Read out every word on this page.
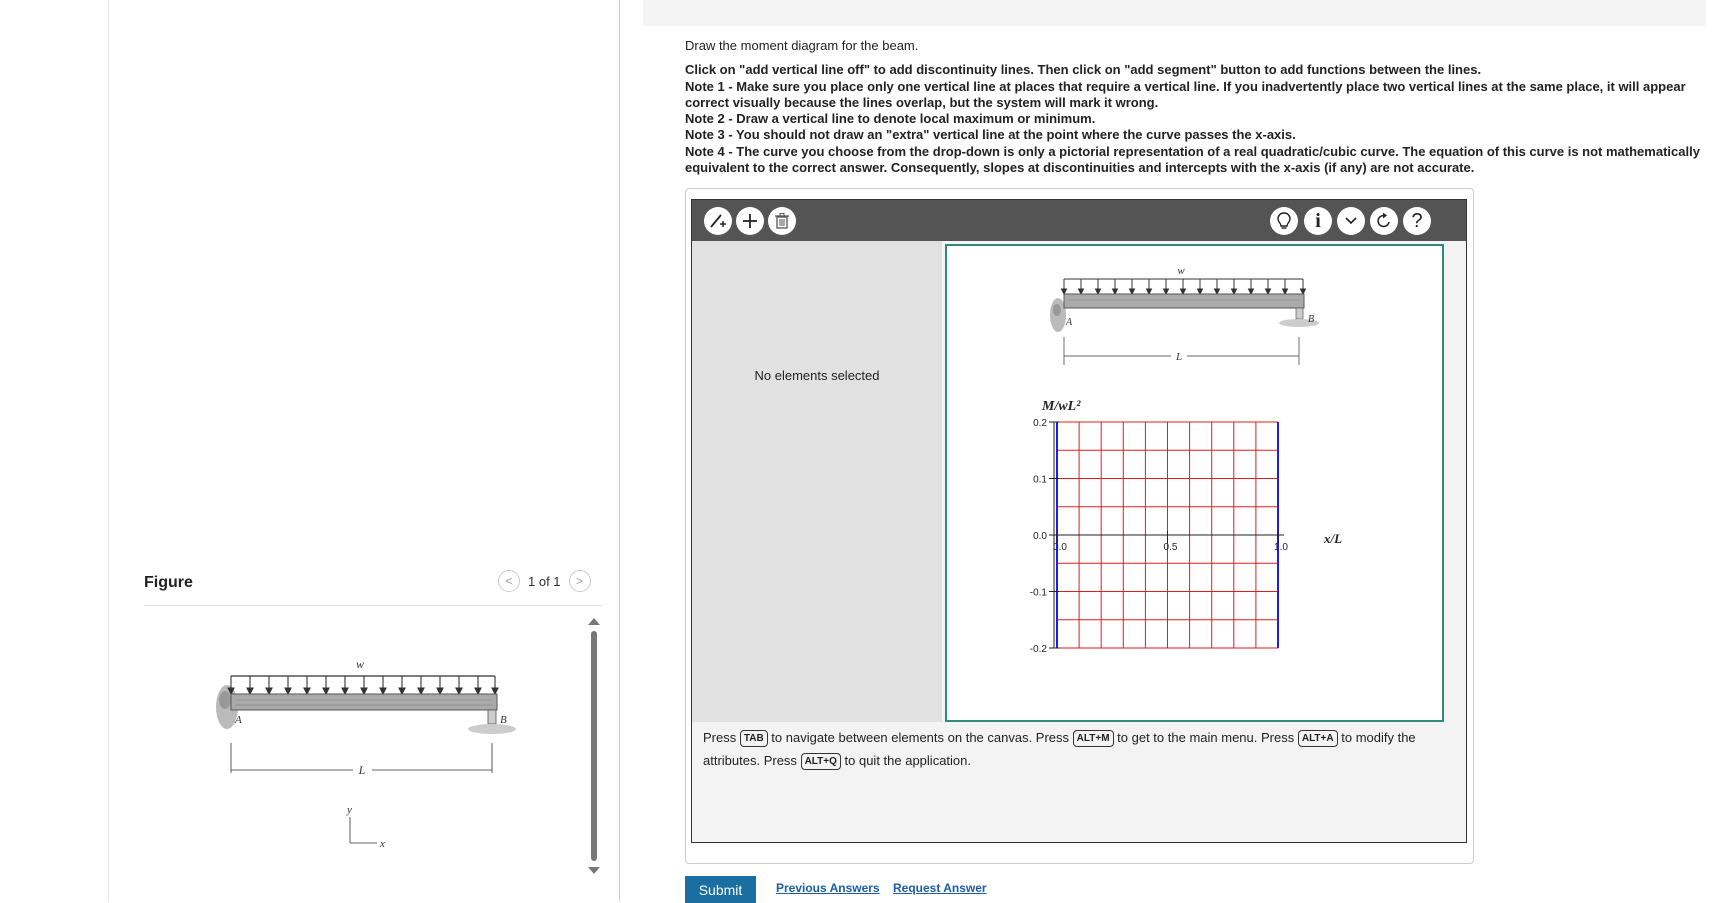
Figure	< 1 of 1 >
w
A	B
L
y
x

Draw the moment diagram for the beam.

Click on "add vertical line off" to add discontinuity lines. Then click on "add segment" button to add functions between the lines.

Note 1 - Make sure you place only one vertical line at places that require a vertical line. If you inadvertently place two vertical lines at the same place, it will appear correct visually because the lines overlap, but the system will mark it wrong.

Note 2 - Draw a vertical line to denote local maximum or minimum.

Note 3 - You should not draw an "extra" vertical line at the point where the curve passes the x-axis.

Note 4 - The curve you choose from the drop-down is only a pictorial representation of a real quadratic/cubic curve. The equation of this curve is not mathematically equivalent to the correct answer. Consequently, slopes at discontinuities and intercepts with the x-axis (if any) are not accurate.

i	?
No elements selected
w
A	B
L
M/wL²
x/L
0.2
0.1
0.0
-0.1
-0.2
0.0	0.5	1.0
Press TAB to navigate between elements on the canvas. Press ALT+M to get to the main menu. Press ALT+A to modify the attributes. Press ALT+Q to quit the application.
Submit	Previous Answers Request Answer
